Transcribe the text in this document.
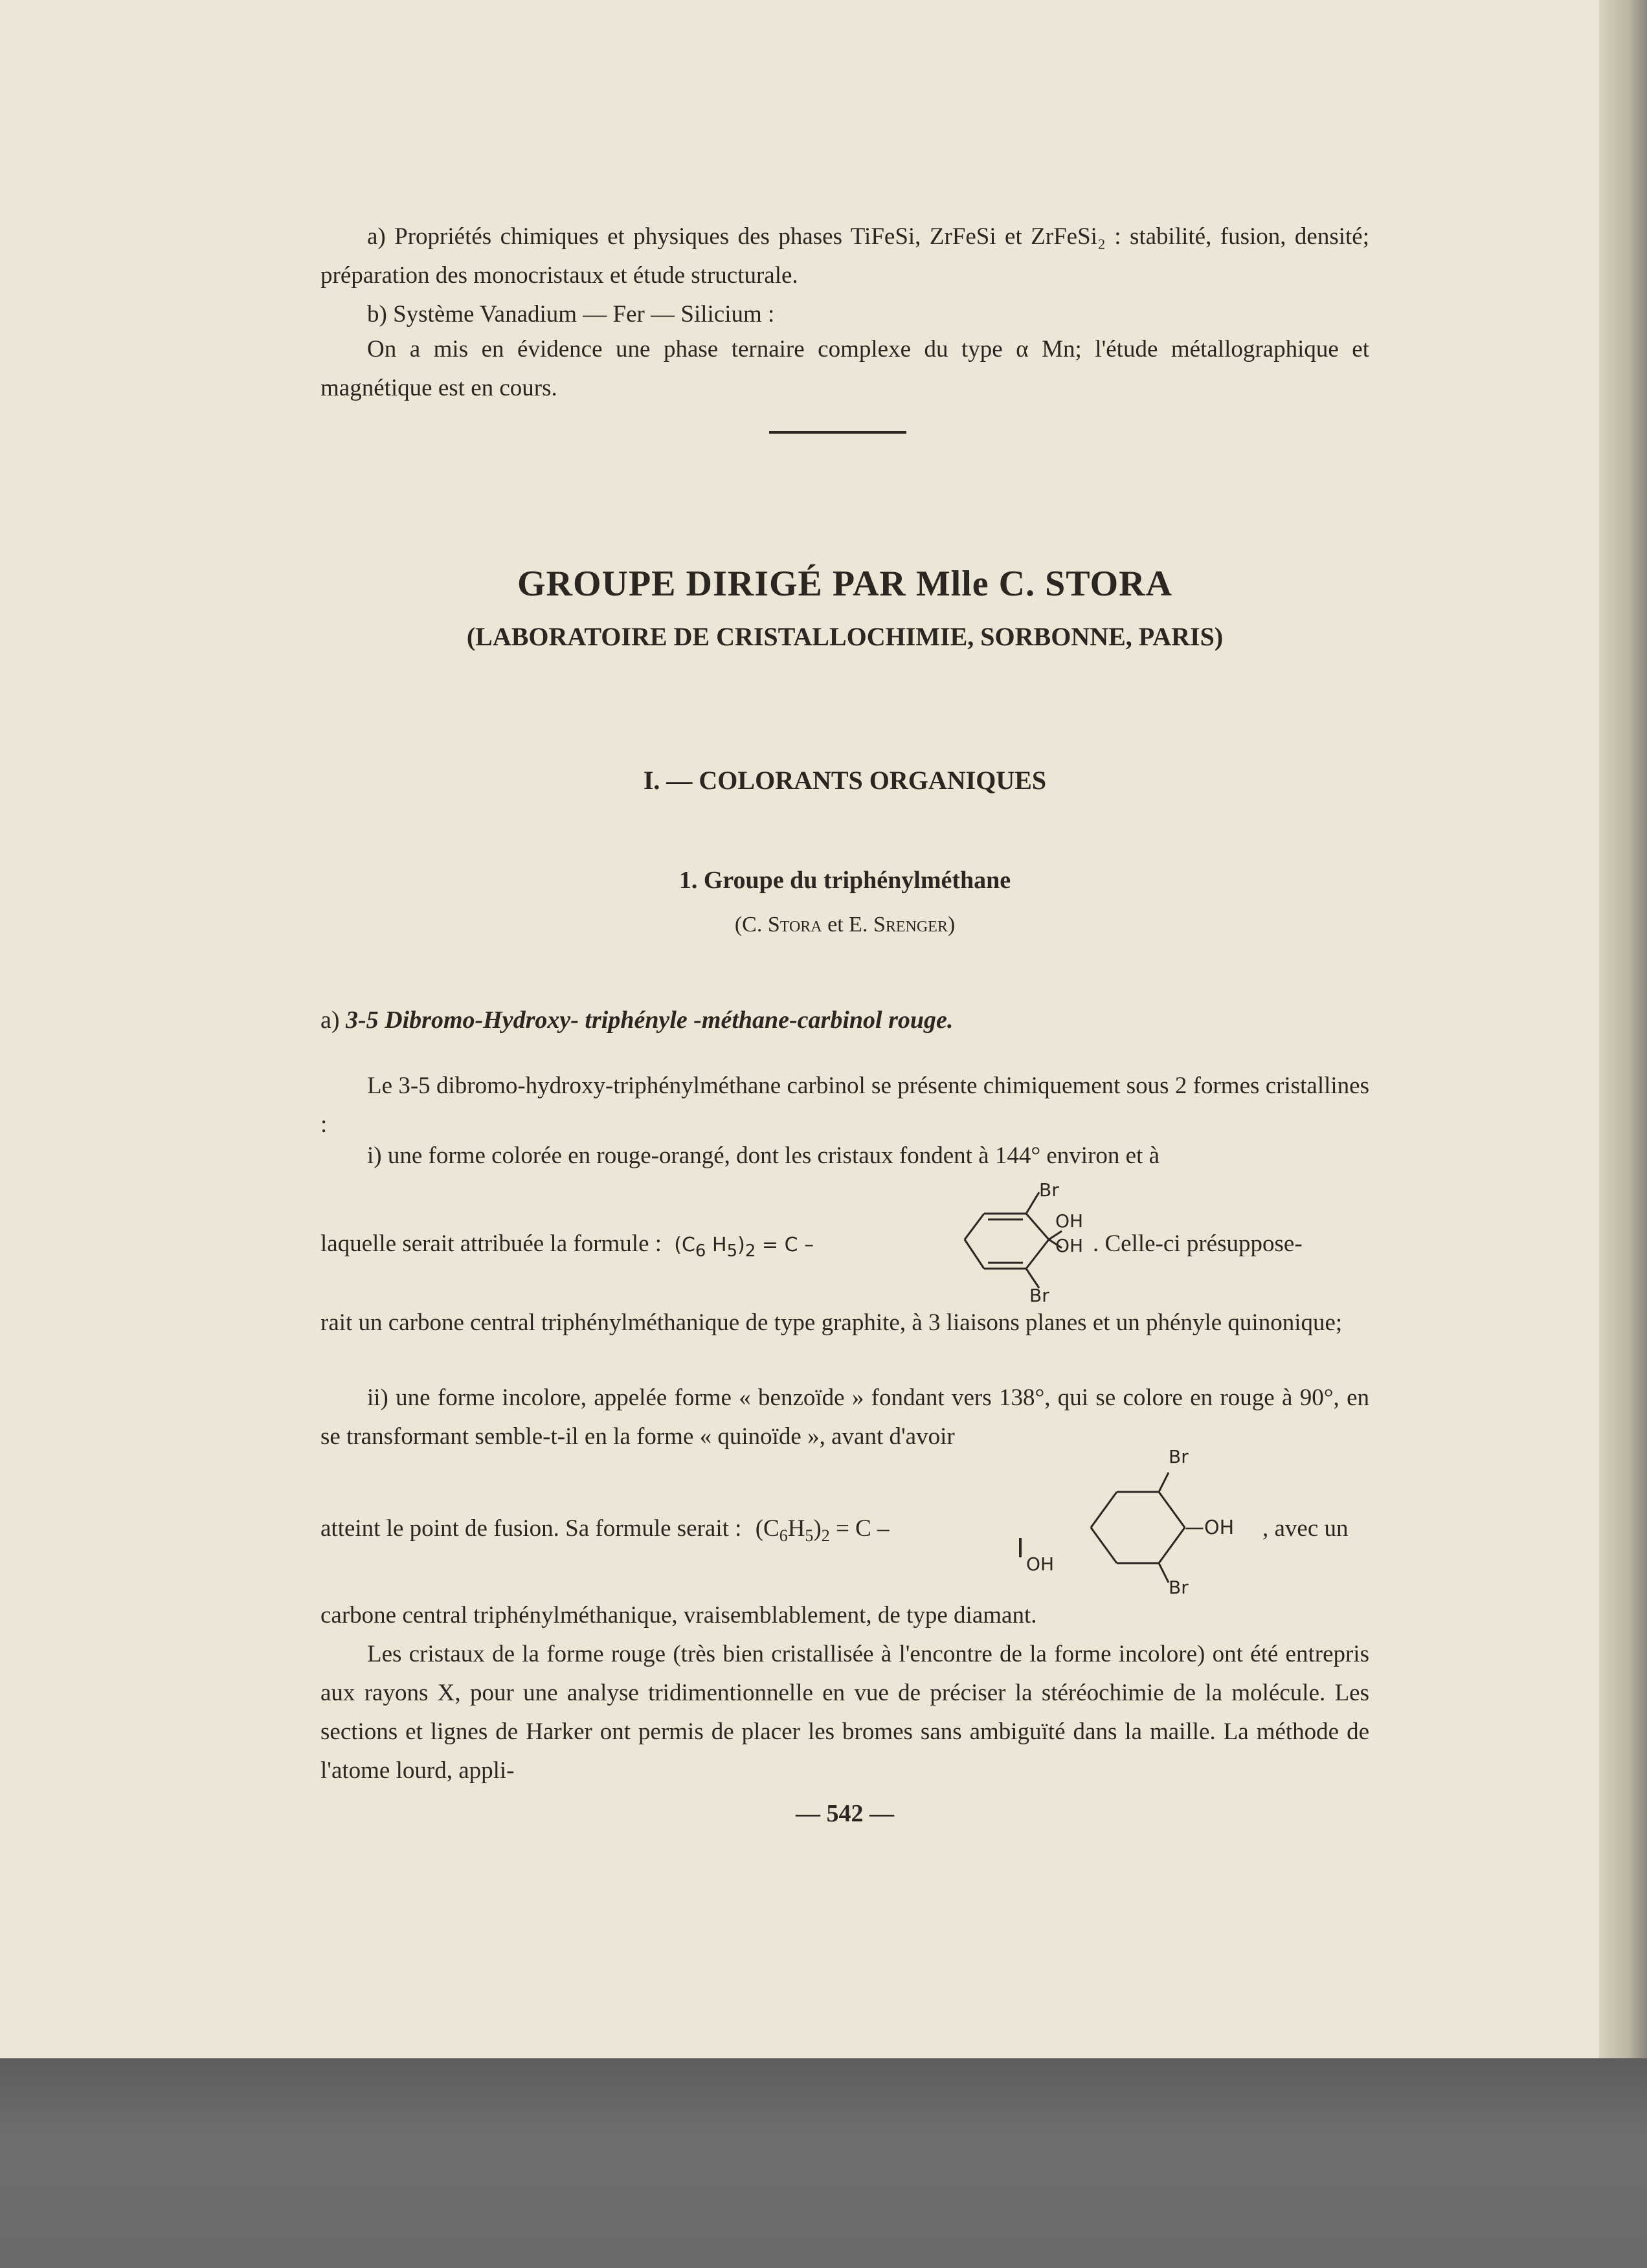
a) Propriétés chimiques et physiques des phases TiFeSi, ZrFeSi et ZrFeSi₂ : stabilité, fusion, densité; préparation des monocristaux et étude structurale.
b) Système Vanadium — Fer — Silicium :
On a mis en évidence une phase ternaire complexe du type α Mn; l'étude métallographique et magnétique est en cours.
GROUPE DIRIGÉ PAR Mlle C. STORA
(LABORATOIRE DE CRISTALLOCHIMIE, SORBONNE, PARIS)
I. — COLORANTS ORGANIQUES
1. Groupe du triphénylméthane
(C. Stora et E. Srenger)
a) 3-5 Dibromo-Hydroxy- triphényle -méthane-carbinol rouge.
Le 3-5 dibromo-hydroxy-triphénylméthane carbinol se présente chimiquement sous 2 formes cristallines :
i) une forme colorée en rouge-orangé, dont les cristaux fondent à 144° environ et à
laquelle serait attribuée la formule : (C6 H5)2 = C –
Br
OH
OH
Br
. Celle-ci présuppose-
rait un carbone central triphénylméthanique de type graphite, à 3 liaisons planes et un phényle quinonique;
ii) une forme incolore, appelée forme « benzoïde » fondant vers 138°, qui se colore en rouge à 90°, en se transformant semble-t-il en la forme « quinoïde », avant d'avoir
atteint le point de fusion. Sa formule serait : $(C_6H_5)_2 = C$ –
OH
Br
—OH
Br
, avec un
carbone central triphénylméthanique, vraisemblablement, de type diamant.
Les cristaux de la forme rouge (très bien cristallisée à l'encontre de la forme incolore) ont été entrepris aux rayons X, pour une analyse tridimentionnelle en vue de préciser la stéréochimie de la molécule. Les sections et lignes de Harker ont permis de placer les bromes sans ambiguïté dans la maille. La méthode de l'atome lourd, appli-
— 542 —
